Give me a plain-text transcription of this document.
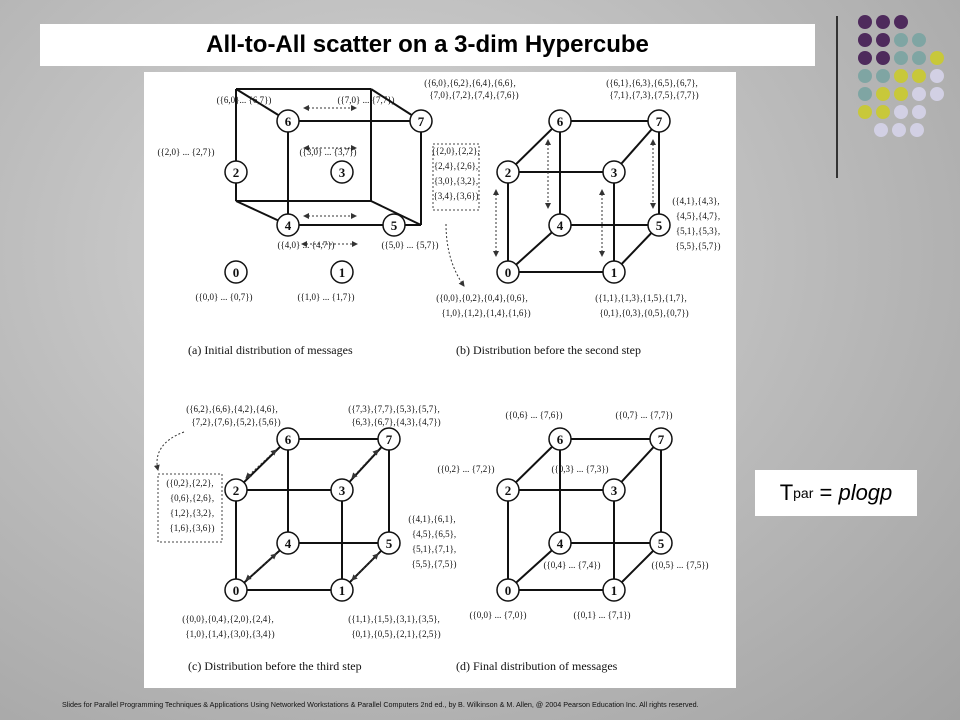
All-to-All scatter on a 3-dim Hypercube
6	7
2	3
4	5
0	1
({6,0}... {6,7})	({7,0} ... {7,7})
({2,0} ... {2,7})	({3,0} ... {3,7})
({4,0} ... {4,7})	({5,0} ... {5,7})
({0,0} ... {0,7})	({1,0} ... {1,7})
(a) Initial distribution of messages
6	7
2	3
4	5
0	1
({6,0},{6,2},{6,4},{6,6},
{7,0},{7,2},{7,4},{7,6})
({6,1},{6,3},{6,5},{6,7},
{7,1},{7,3},{7,5},{7,7})
({2,0},{2,2},
{2,4},{2,6},
{3,0},{3,2},
{3,4},{3,6})	({4,1},{4,3},
{4,5},{4,7},
{5,1},{5,3},
{5,5},{5,7})
({0,0},{0,2},{0,4},{0,6},
{1,0},{1,2},{1,4},{1,6})
({1,1},{1,3},{1,5},{1,7},
{0,1},{0,3},{0,5},{0,7})
(b) Distribution before the second step
6	7
2	3
4	5
0	1
({6,2},{6,6},{4,2},{4,6},
{7,2},{7,6},{5,2},{5,6})
({7,3},{7,7},{5,3},{5,7},
{6,3},{6,7},{4,3},{4,7})
({0,2},{2,2},
{0,6},{2,6},
{1,2},{3,2},
{1,6},{3,6})
({4,1},{6,1},
{4,5},{6,5},
{5,1},{7,1},
{5,5},{7,5})
({0,0},{0,4},{2,0},{2,4},
{1,0},{1,4},{3,0},{3,4})
({1,1},{1,5},{3,1},{3,5},
{0,1},{0,5},{2,1},{2,5})
(c) Distribution before the third step
6	7
2	3
4	5
0	1
({0,6} ... {7,6})	({0,7} ... {7,7})
({0,2} ... {7,2})	({0,3} ... {7,3})
({0,4} ... {7,4})	({0,5} ... {7,5})
({0,0} ... {7,0})	({0,1} ... {7,1})
(d) Final distribution of messages
T par = plogp
Slides for Parallel Programming Techniques & Applications Using Networked Workstations & Parallel Computers 2nd ed., by B. Wilkinson & M. Allen, @ 2004 Pearson Education Inc. All rights reserved.
